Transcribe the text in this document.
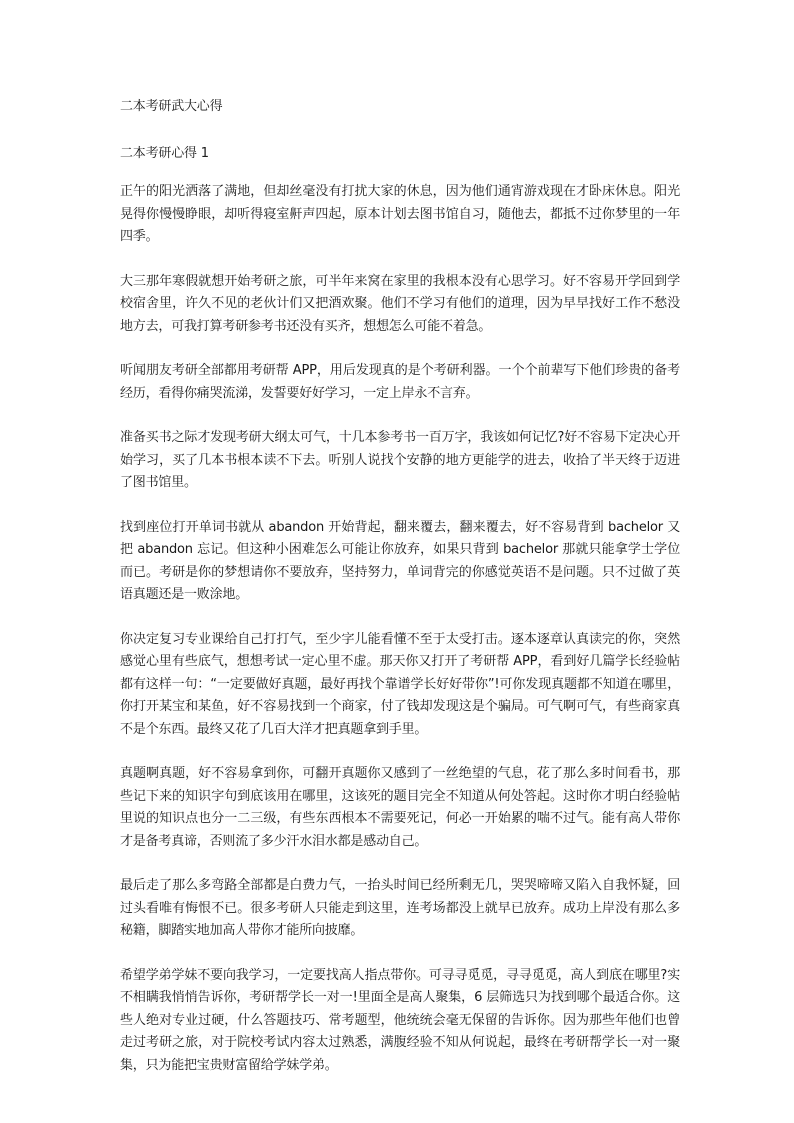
二本考研武大心得
二本考研心得 1

正午的阳光洒落了满地，但却丝毫没有打扰大家的休息，因为他们通宵游戏现在才卧床休息。阳光晃得你慢慢睁眼，却听得寝室鼾声四起，原本计划去图书馆自习，随他去，都抵不过你梦里的一年四季。

大三那年寒假就想开始考研之旅，可半年来窝在家里的我根本没有心思学习。好不容易开学回到学校宿舍里，许久不见的老伙计们又把酒欢聚。他们不学习有他们的道理，因为早早找好工作不愁没地方去，可我打算考研参考书还没有买齐，想想怎么可能不着急。

听闻朋友考研全部都用考研帮 APP，用后发现真的是个考研利器。一个个前辈写下他们珍贵的备考经历，看得你痛哭流涕，发誓要好好学习，一定上岸永不言弃。

准备买书之际才发现考研大纲太可气，十几本参考书一百万字，我该如何记忆?好不容易下定决心开始学习，买了几本书根本读不下去。听别人说找个安静的地方更能学的进去，收拾了半天终于迈进了图书馆里。

找到座位打开单词书就从 abandon 开始背起，翻来覆去，翻来覆去，好不容易背到 bachelor 又把 abandon 忘记。但这种小困难怎么可能让你放弃，如果只背到 bachelor 那就只能拿学士学位而已。考研是你的梦想请你不要放弃，坚持努力，单词背完的你感觉英语不是问题。只不过做了英语真题还是一败涂地。

你决定复习专业课给自己打打气，至少字儿能看懂不至于太受打击。逐本逐章认真读完的你，突然感觉心里有些底气，想想考试一定心里不虚。那天你又打开了考研帮 APP，看到好几篇学长经验帖都有这样一句：“一定要做好真题，最好再找个靠谱学长好好带你”!可你发现真题都不知道在哪里，你打开某宝和某鱼，好不容易找到一个商家，付了钱却发现这是个骗局。可气啊可气，有些商家真不是个东西。最终又花了几百大洋才把真题拿到手里。

真题啊真题，好不容易拿到你，可翻开真题你又感到了一丝绝望的气息，花了那么多时间看书，那些记下来的知识字句到底该用在哪里，这该死的题目完全不知道从何处答起。这时你才明白经验帖里说的知识点也分一二三级，有些东西根本不需要死记，何必一开始累的喘不过气。能有高人带你才是备考真谛，否则流了多少汗水泪水都是感动自己。

最后走了那么多弯路全部都是白费力气，一抬头时间已经所剩无几，哭哭啼啼又陷入自我怀疑，回过头看唯有悔恨不已。很多考研人只能走到这里，连考场都没上就早已放弃。成功上岸没有那么多秘籍，脚踏实地加高人带你才能所向披靡。

希望学弟学妹不要向我学习，一定要找高人指点带你。可寻寻觅觅，寻寻觅觅，高人到底在哪里?实不相瞒我悄悄告诉你，考研帮学长一对一!里面全是高人聚集，6 层筛选只为找到哪个最适合你。这些人绝对专业过硬，什么答题技巧、常考题型，他统统会毫无保留的告诉你。因为那些年他们也曾走过考研之旅，对于院校考试内容太过熟悉，满腹经验不知从何说起，最终在考研帮学长一对一聚集，只为能把宝贵财富留给学妹学弟。
